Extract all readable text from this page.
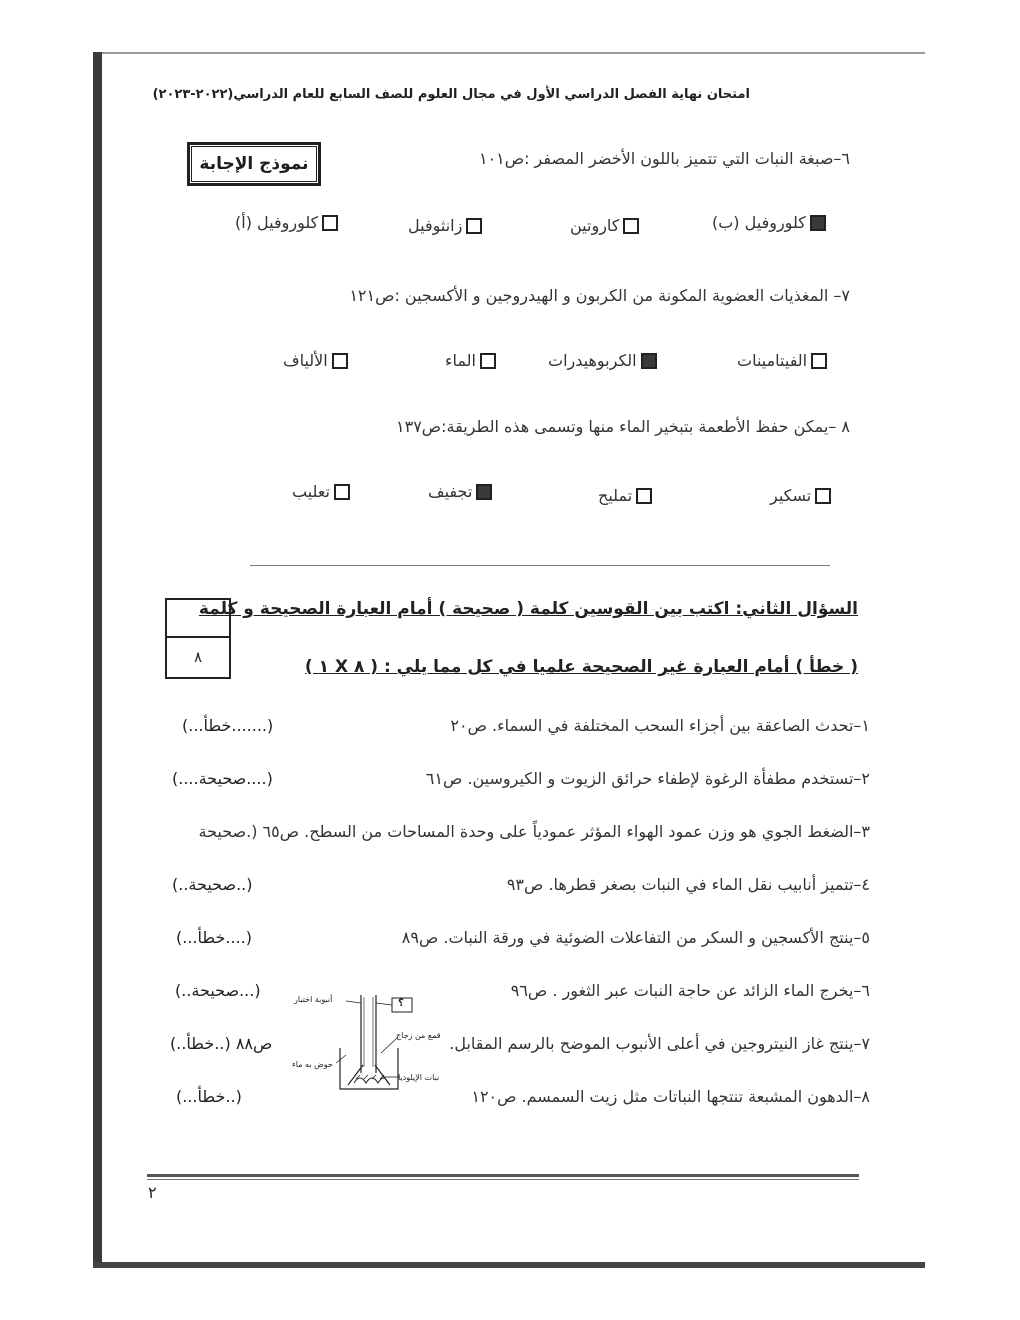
امتحان نهاية الفصل الدراسي الأول في مجال العلوم للصف السابع للعام الدراسي(٢٠٢٢-٢٠٢٣)
نموذج الإجابة	٦–صبغة النبات التي تتميز باللون الأخضر المصفر :ص١٠١
كلوروفيل (ب)
كاروتين
زانثوفيل
كلوروفيل (أ)
٧– المغذيات العضوية المكونة من الكربون و الهيدروجين و الأكسجين :ص١٢١
الفيتامينات
الكربوهيدرات
الماء
الألياف
٨ –يمكن حفظ الأطعمة بتبخير الماء منها وتسمى هذه الطريقة:ص١٣٧
تسكير
تمليح
تجفيف
تعليب
السؤال الثاني: اكتب بين القوسين كلمة ( صحيحة ) أمام العبارة الصحيحة و كلمة
( خطأ ) أمام العبارة غير الصحيحة علميا في كل مما يلي : ( ٨ X ١ )
٨
١–تحدث الصاعقة بين أجزاء السحب المختلفة في السماء. ص٢٠
(.......خطأ...)
٢–تستخدم مطفأة الرغوة لإطفاء حرائق الزيوت و الكيروسين. ص٦١
(....صحيحة....)
٣–الضغط الجوي هو وزن عمود الهواء المؤثر عمودياً على وحدة المساحات من السطح. ص٦٥ (.صحيحة
٤–تتميز أنابيب نقل الماء في النبات بصغر قطرها. ص٩٣
(..صحيحة..)
٥–ينتج الأكسجين و السكر من التفاعلات الضوئية في ورقة النبات. ص٨٩
(....خطأ...)
٦–يخرج الماء الزائد عن حاجة النبات عبر الثغور . ص٩٦
(...صحيحة..)
٧–ينتج غاز النيتروجين في أعلى الأنبوب الموضح بالرسم المقابل.
ص٨٨ (..خطأ..)
٨–الدهون المشبعة تنتجها النباتات مثل زيت السمسم. ص١٢٠
(..خطأ...)
أنبوبة اختبار	؟
قمع من زجاج
حوض به ماء
نبات الإيلوديا
٢
